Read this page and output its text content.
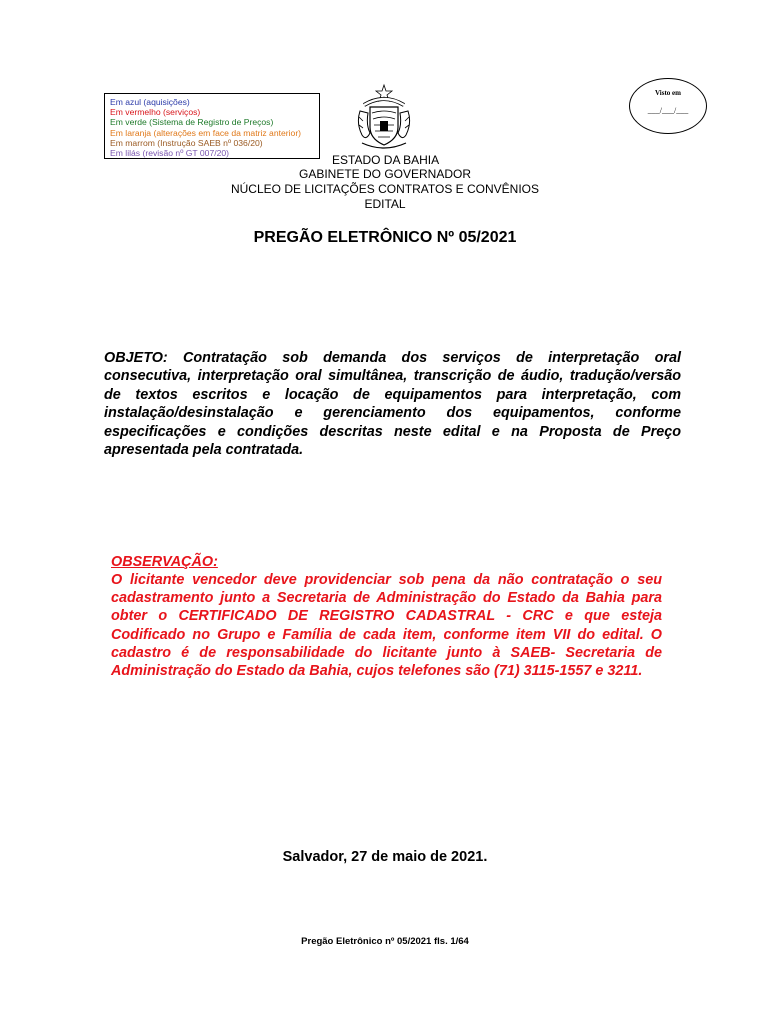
Em azul (aquisições)
Em vermelho (serviços)
Em verde (Sistema de Registro de Preços)
Em laranja (alterações em face da matriz anterior)
Em marrom (Instrução SAEB nº 036/20)
Em lilás (revisão nº GT 007/20)
Visto em
___/___/___
ESTADO DA BAHIA
GABINETE DO GOVERNADOR
NÚCLEO DE LICITAÇÕES CONTRATOS E CONVÊNIOS
EDITAL
PREGÃO ELETRÔNICO Nº 05/2021
OBJETO: Contratação sob demanda dos serviços de interpretação oral consecutiva, interpretação oral simultânea, transcrição de áudio, tradução/versão de textos escritos e locação de equipamentos para interpretação, com instalação/desinstalação e gerenciamento dos equipamentos, conforme especificações e condições descritas neste edital e na Proposta de Preço apresentada pela contratada.
OBSERVAÇÃO:
O licitante vencedor deve providenciar sob pena da não contratação o seu cadastramento junto a Secretaria de Administração do Estado da Bahia para obter o CERTIFICADO DE REGISTRO CADASTRAL - CRC e que esteja Codificado no Grupo e Família de cada item, conforme item VII do edital. O cadastro é de responsabilidade do licitante junto à SAEB- Secretaria de Administração do Estado da Bahia, cujos telefones são (71) 3115-1557 e 3211.
Salvador, 27 de maio de 2021.
Pregão Eletrônico nº 05/2021 fls. 1/64
